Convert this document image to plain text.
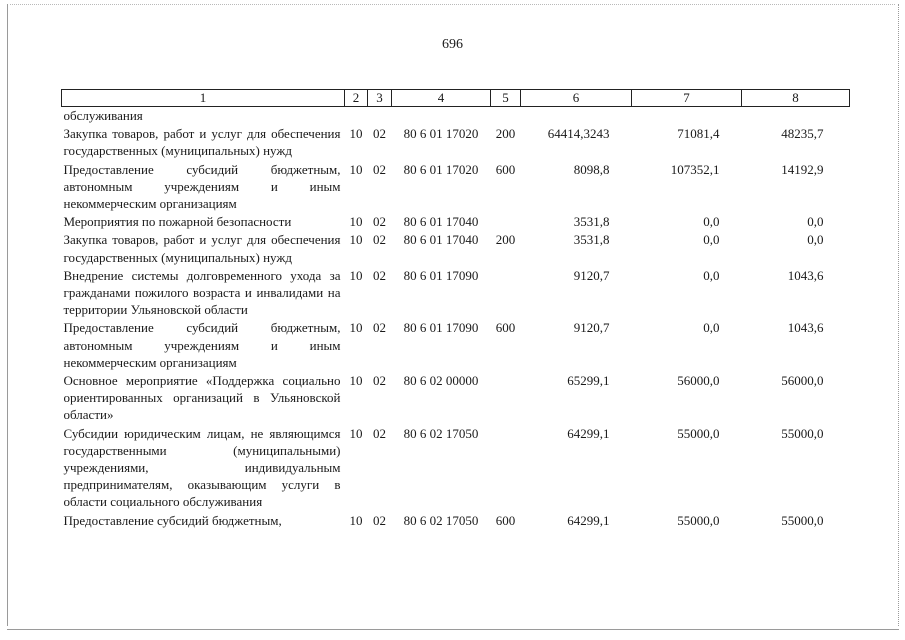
696
1	2	3	4	5	6	7	8
обслуживания							
Закупка товаров, работ и услуг для обеспечения государственных (муниципальных) нужд	10	02	80 6 01 17020	200	64414,3243	71081,4	48235,7
Предоставление субсидий бюджетным, автономным учреждениям и иным некоммерческим организациям	10	02	80 6 01 17020	600	8098,8	107352,1	14192,9
Мероприятия по пожарной безопасности	10	02	80 6 01 17040		3531,8	0,0	0,0
Закупка товаров, работ и услуг для обеспечения государственных (муниципальных) нужд	10	02	80 6 01 17040	200	3531,8	0,0	0,0
Внедрение системы долговременного ухода за гражданами пожилого возраста и инвалидами на территории Ульяновской области	10	02	80 6 01 17090		9120,7	0,0	1043,6
Предоставление субсидий бюджетным, автономным учреждениям и иным некоммерческим организациям	10	02	80 6 01 17090	600	9120,7	0,0	1043,6
Основное мероприятие «Поддержка социально ориентированных организаций в Ульяновской области»	10	02	80 6 02 00000		65299,1	56000,0	56000,0
Субсидии юридическим лицам, не являющимся государственными (муниципальными) учреждениями, индивидуальным предпринимателям, оказывающим услуги в области социального обслуживания	10	02	80 6 02 17050		64299,1	55000,0	55000,0
Предоставление субсидий бюджетным,	10	02	80 6 02 17050	600	64299,1	55000,0	55000,0
